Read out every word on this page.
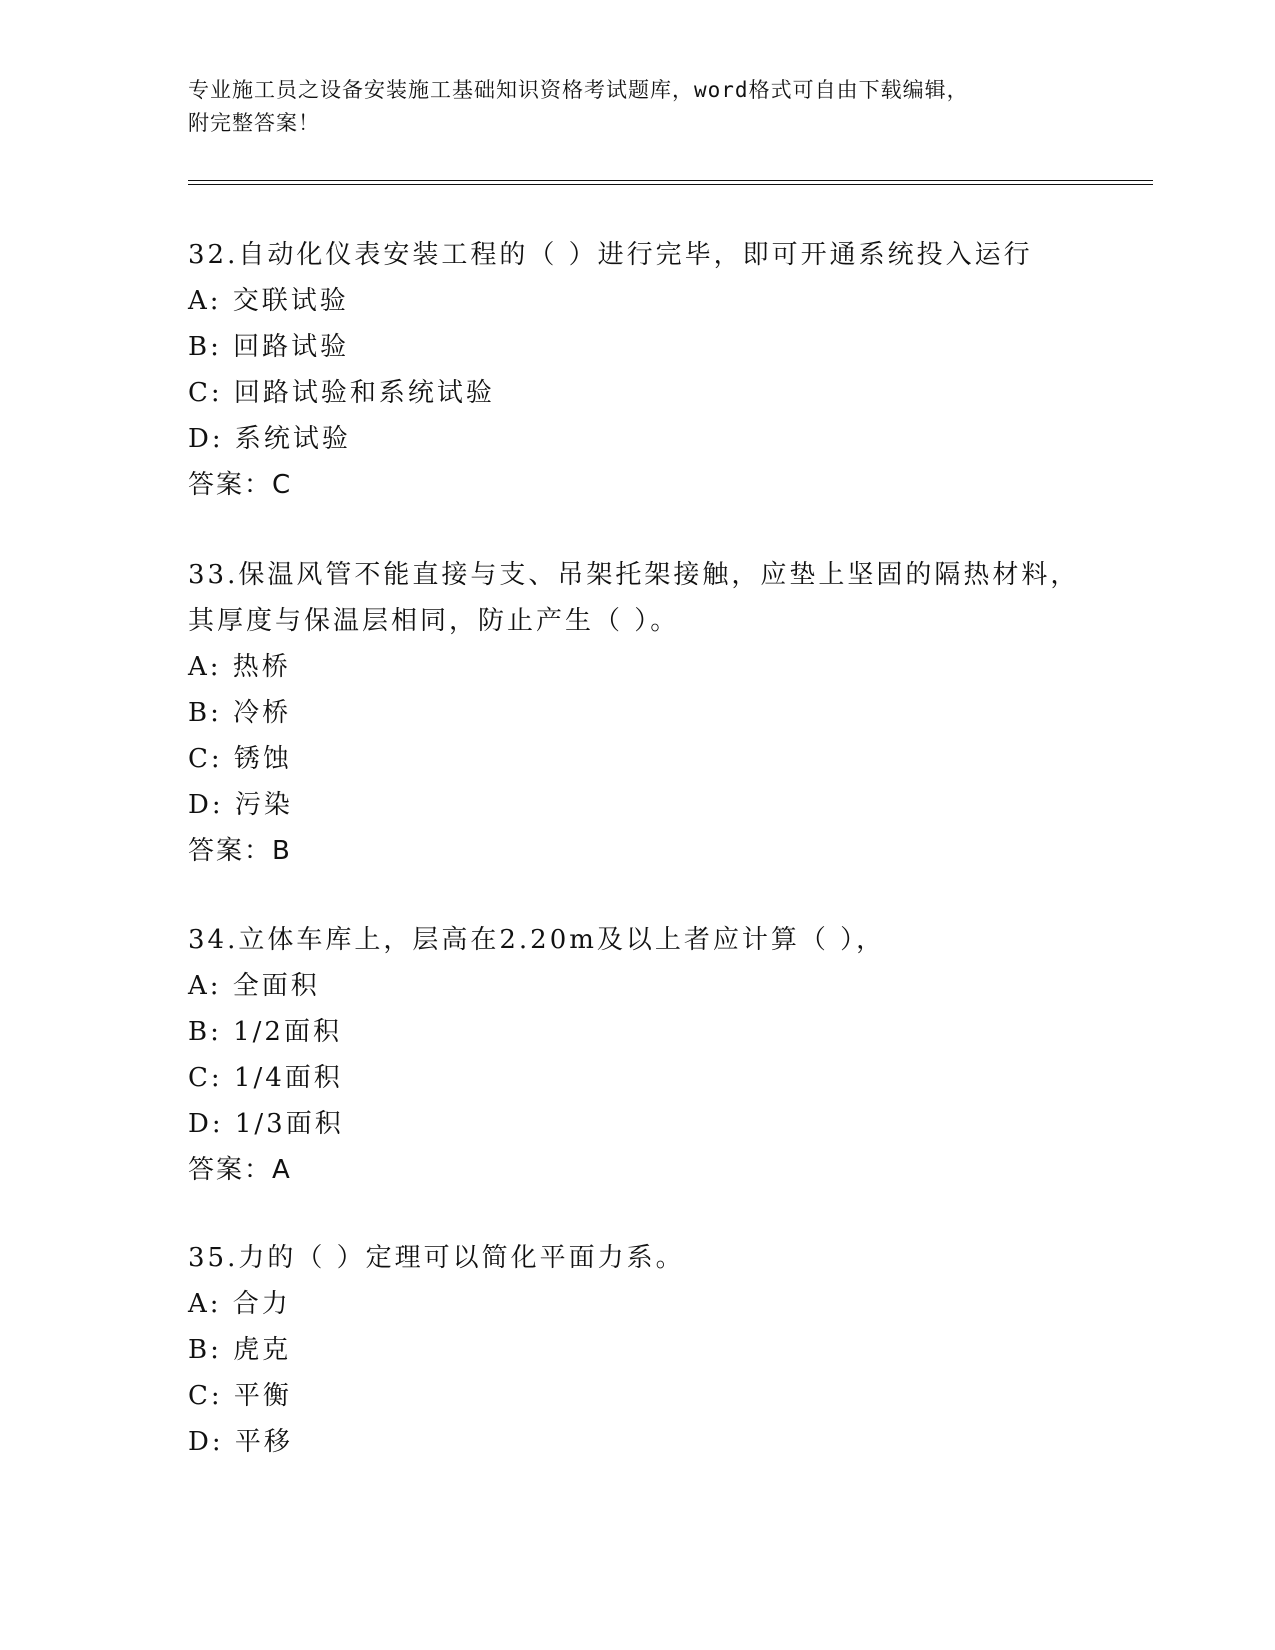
专业施工员之设备安装施工基础知识资格考试题库，word格式可自由下载编辑，
附完整答案！
32.自动化仪表安装工程的（ ）进行完毕，即可开通系统投入运行
A: 交联试验
B: 回路试验
C: 回路试验和系统试验
D: 系统试验
答案：C
33.保温风管不能直接与支、吊架托架接触，应垫上坚固的隔热材料，
其厚度与保温层相同，防止产生（ ）。
A: 热桥
B: 冷桥
C: 锈蚀
D: 污染
答案：B
34.立体车库上，层高在2.20m及以上者应计算（ ），
A: 全面积
B: 1/2面积
C: 1/4面积
D: 1/3面积
答案：A
35.力的（ ）定理可以简化平面力系。
A: 合力
B: 虎克
C: 平衡
D: 平移
